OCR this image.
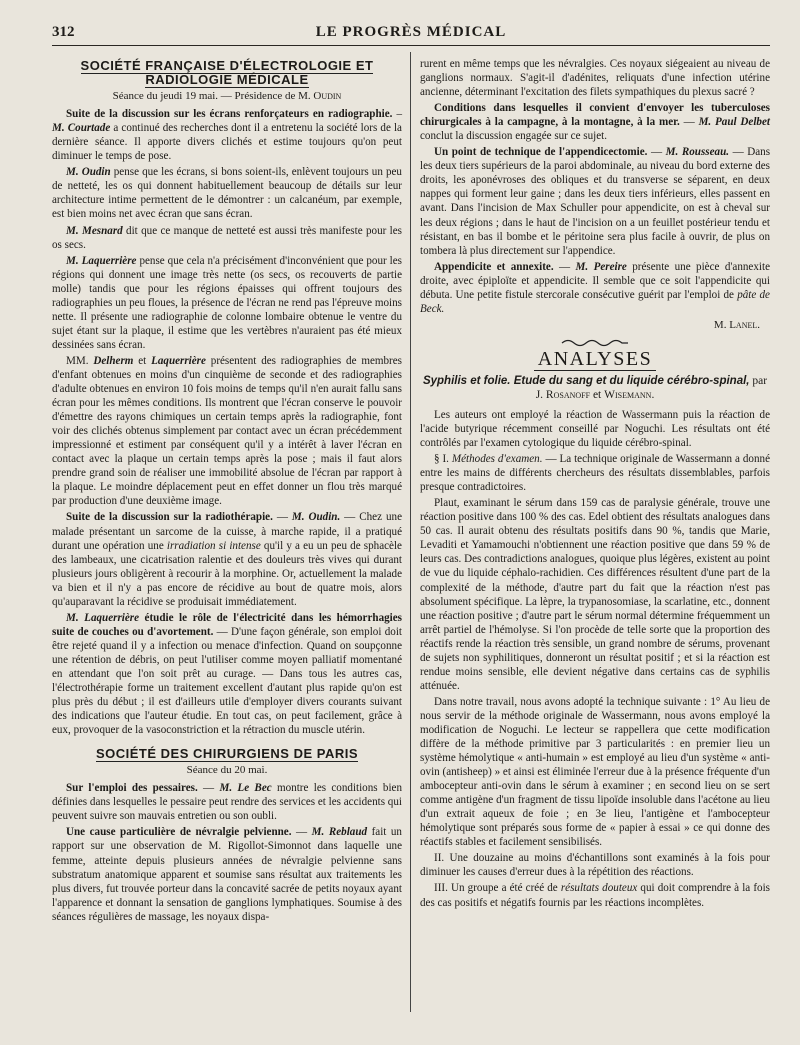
312	LE PROGRÈS MÉDICAL
SOCIÉTÉ FRANÇAISE D'ÉLECTROLOGIE ET RADIOLOGIE MÉDICALE
Séance du jeudi 19 mai. — Présidence de M. Oudin

Suite de la discussion sur les écrans renforçateurs en radiographie. – M. Courtade a continué des recherches dont il a entretenu la société lors de la dernière séance. Il apporte divers clichés et estime toujours qu'on peut diminuer le temps de pose.

M. Oudin pense que les écrans, si bons soient-ils, enlèvent toujours un peu de netteté, les os qui donnent habituellement beaucoup de détails sur leur architecture intime permettent de le démontrer : un calcanéum, par exemple, est bien moins net avec écran que sans écran.

M. Mesnard dit que ce manque de netteté est aussi très manifeste pour les os secs.

M. Laquerrière pense que cela n'a précisément d'inconvénient que pour les régions qui donnent une image très nette (os secs, os recouverts de partie molle) tandis que pour les régions épaisses qui offrent toujours des radiographies un peu floues, la présence de l'écran ne rend pas l'épreuve moins nette. Il présente une radiographie de colonne lombaire obtenue le ventre du sujet étant sur la plaque, il estime que les vertèbres n'auraient pas été mieux dessinées sans écran.

MM. Delherm et Laquerrière présentent des radiographies de membres d'enfant obtenues en moins d'un cinquième de seconde et des radiographies d'adulte obtenues en environ 10 fois moins de temps qu'il n'en aurait fallu sans écran pour les mêmes conditions. Ils montrent que l'écran conserve le pouvoir d'émettre des rayons chimiques un certain temps après la radiographie, font voir des clichés obtenus simplement par contact avec un écran précédemment impressionné et estiment par conséquent qu'il y a intérêt à laver l'écran en contact avec la plaque un certain temps après la pose ; mais il faut alors prendre grand soin de réaliser une immobilité absolue de l'écran par rapport à la plaque. Le moindre déplacement peut en effet donner un flou très marqué par production d'une deuxième image.

Suite de la discussion sur la radiothérapie. — M. Oudin. — Chez une malade présentant un sarcome de la cuisse, à marche rapide, il a pratiqué durant une opération une irradiation si intense qu'il y a eu un peu de sphacèle des lambeaux, une cicatrisation ralentie et des douleurs très vives qui durant plusieurs jours obligèrent à recourir à la morphine. Or, actuellement la malade va bien et il n'y a pas encore de récidive au bout de quatre mois, alors qu'auparavant la récidive se produisait immédiatement.

M. Laquerrière étudie le rôle de l'électricité dans les hémorrhagies suite de couches ou d'avortement. — D'une façon générale, son emploi doit être rejeté quand il y a infection ou menace d'infection. Quand on soupçonne une rétention de débris, on peut l'utiliser comme moyen palliatif momentané en attendant que l'on soit prêt au curage. — Dans tous les autres cas, l'électrothérapie forme un traitement excellent d'autant plus rapide qu'on est plus près du début ; il est d'ailleurs utile d'employer divers courants suivant des indications que l'auteur étudie. En tout cas, on peut facilement, grâce à eux, provoquer de la vasoconstriction et la rétraction du muscle utérin.

SOCIÉTÉ DES CHIRURGIENS DE PARIS
Séance du 20 mai.

Sur l'emploi des pessaires. — M. Le Bec montre les conditions bien définies dans lesquelles le pessaire peut rendre des services et les accidents qui peuvent suivre son mauvais entretien ou son oubli.

Une cause particulière de névralgie pelvienne. — M. Reblaud fait un rapport sur une observation de M. Rigollot-Simonnot dans laquelle une femme, atteinte depuis plusieurs années de névralgie pelvienne sans substratum anatomique apparent et soumise sans résultat aux traitements les plus divers, fut trouvée porteur dans la concavité sacrée de petits noyaux ayant l'apparence et donnant la sensation de ganglions lymphatiques. Soumise à des séances régulières de massage, les noyaux dispa-

rurent en même temps que les névralgies. Ces noyaux siégeaient au niveau de ganglions normaux. S'agit-il d'adénites, reliquats d'une infection utérine ancienne, déterminant l'excitation des filets sympathiques du plexus sacré ?

Conditions dans lesquelles il convient d'envoyer les tuberculoses chirurgicales à la campagne, à la montagne, à la mer. — M. Paul Delbet conclut la discussion engagée sur ce sujet.

Un point de technique de l'appendicectomie. — M. Rousseau. — Dans les deux tiers supérieurs de la paroi abdominale, au niveau du bord externe des droits, les aponévroses des obliques et du transverse se séparent, en deux nappes qui forment leur gaine ; dans les deux tiers inférieurs, elles passent en avant. Dans l'incision de Max Schuller pour appendicite, on est à cheval sur les deux régions ; dans le haut de l'incision on a un feuillet postérieur tendu et résistant, en bas il bombe et le péritoine sera plus facile à ouvrir, de plus on tombera là plus directement sur l'appendice.

Appendicite et annexite. — M. Pereire présente une pièce d'annexite droite, avec épiploïte et appendicite. Il semble que ce soit l'appendicite qui débuta. Une petite fistule stercorale consécutive guérit par l'emploi de pâte de Beck.

M. Lanel.
ANALYSES
Syphilis et folie. Etude du sang et du liquide cérébro-spinal, par J. Rosanoff et Wisemann.

Les auteurs ont employé la réaction de Wassermann puis la réaction de l'acide butyrique récemment conseillé par Noguchi. Les résultats ont été contrôlés par l'examen cytologique du liquide cérébro-spinal.

§ I. Méthodes d'examen. — La technique originale de Wassermann a donné entre les mains de différents chercheurs des résultats dissemblables, parfois presque contradictoires.

Plaut, examinant le sérum dans 159 cas de paralysie générale, trouve une réaction positive dans 100 % des cas. Edel obtient des résultats analogues dans 50 cas. Il aurait obtenu des résultats positifs dans 90 %, tandis que Marie, Levaditi et Yamamouchi n'obtiennent une réaction positive que dans 59 % de leurs cas. Des contradictions analogues, quoique plus légères, existent au point de vue du liquide céphalo-rachidien. Ces différences résultent d'une part de la complexité de la méthode, d'autre part du fait que la réaction n'est pas absolument spécifique. La lèpre, la trypanosomiase, la scarlatine, etc., donnent une réaction positive ; d'autre part le sérum normal détermine fréquemment un arrêt partiel de l'hémolyse. Si l'on procède de telle sorte que la proportion des réactifs rende la réaction très sensible, un grand nombre de sérums, provenant de sujets non syphilitiques, donneront un résultat positif ; et si la réaction est rendue moins sensible, elle devient négative dans certains cas de syphilis atténuée.

Dans notre travail, nous avons adopté la technique suivante : 1° Au lieu de nous servir de la méthode originale de Wassermann, nous avons employé la modification de Noguchi. Le lecteur se rappellera que cette modification diffère de la méthode primitive par 3 particularités : en premier lieu un système hémolytique « anti-humain » est employé au lieu d'un système « anti-ovin (antisheep) » et ainsi est éliminée l'erreur due à la présence fréquente d'un ambocepteur anti-ovin dans le sérum à examiner ; en second lieu on se sert comme antigène d'un fragment de tissu lipoïde insoluble dans l'acétone au lieu d'un extrait aqueux de foie ; en 3e lieu, l'antigène et l'ambocepteur hémolytique sont préparés sous forme de « papier à essai » ce qui donne des réactifs stables et facilement sensibilisés.

II. Une douzaine au moins d'échantillons sont examinés à la fois pour diminuer les causes d'erreur dues à la répétition des réactions.

III. Un groupe a été créé de résultats douteux qui doit comprendre à la fois des cas positifs et négatifs fournis par les réactions incomplètes.
